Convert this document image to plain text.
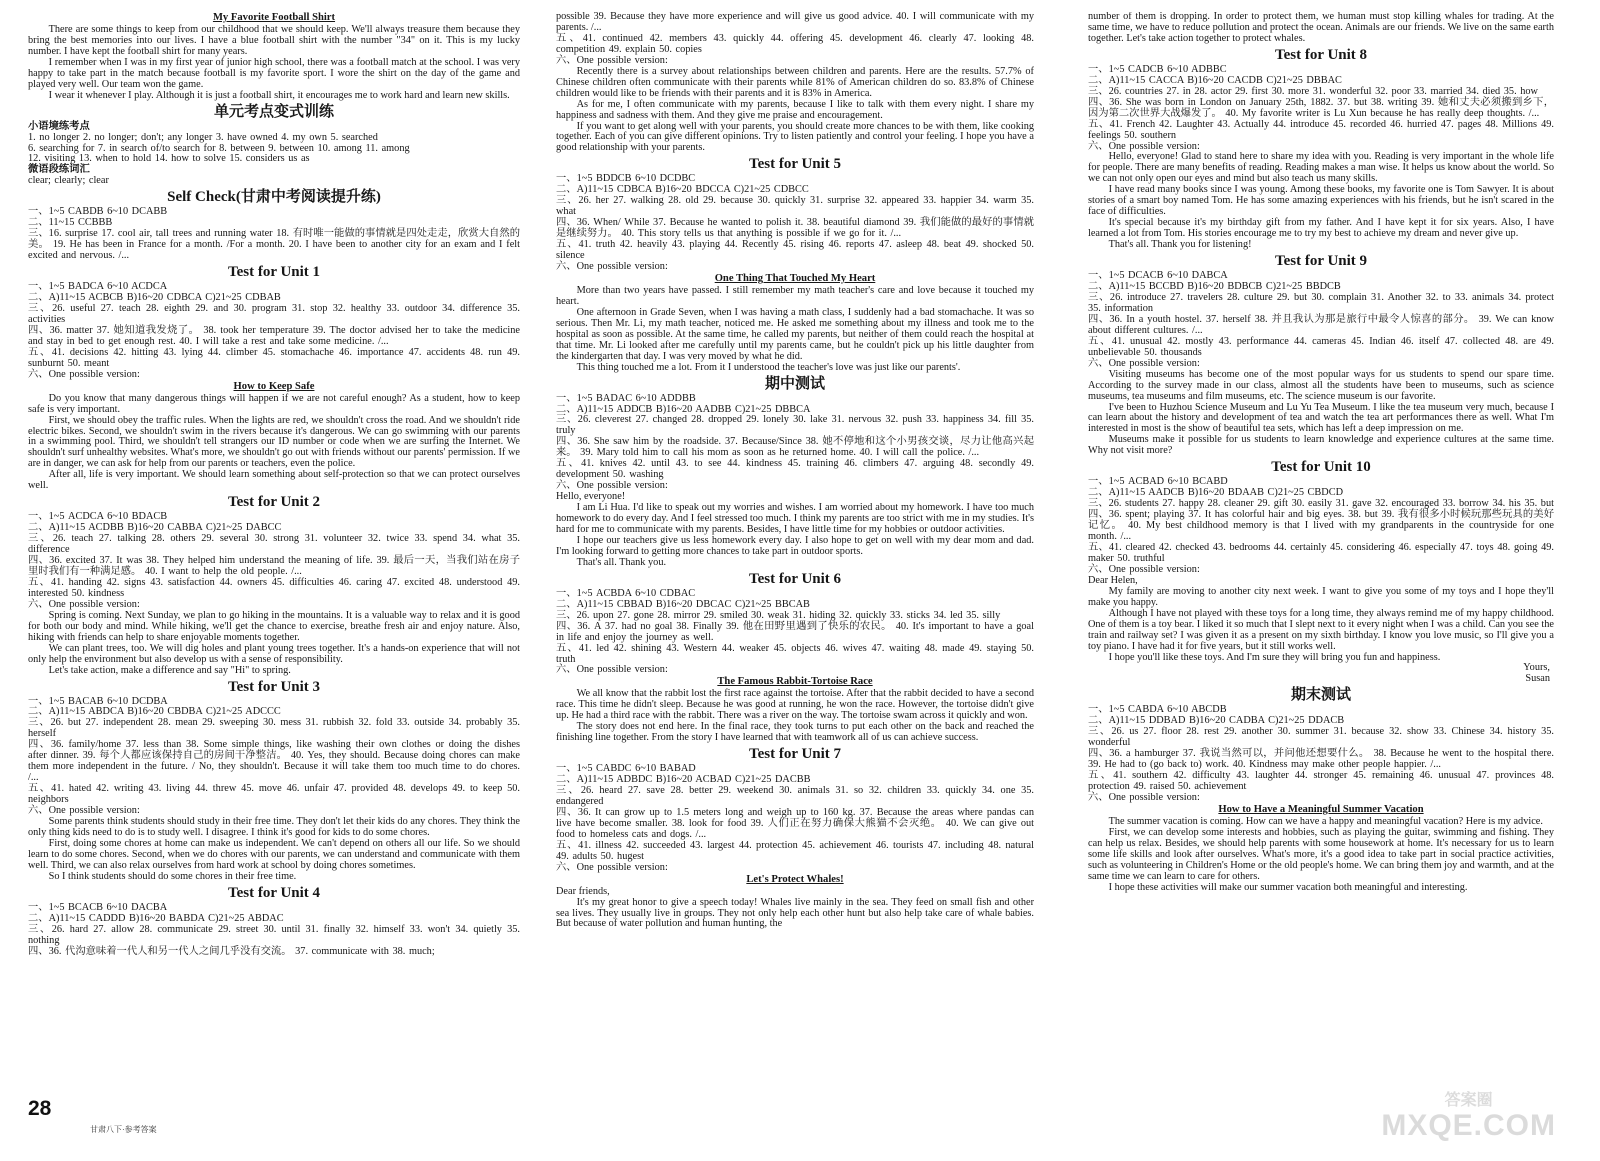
My Favorite Football Shirt
There are some things to keep from our childhood that we should keep. We'll always treasure them because they bring the best memories into our lives. I have a blue football shirt with the number "34" on it. This is my lucky number. I have kept the football shirt for many years.
I remember when I was in my first year of junior high school, there was a football match at the school. I was very happy to take part in the match because football is my favorite sport. I wore the shirt on the day of the game and played very well. Our team won the game.
I wear it whenever I play. Although it is just a football shirt, it encourages me to work hard and learn new skills.
单元考点变式训练
小语境练考点
1. no longer 2. no longer; don't; any longer 3. have owned 4. my own 5. searched
6. searching for 7. in search of/to search for 8. between 9. between 10. among 11. among
12. visiting 13. when to hold 14. how to solve 15. considers us as
微语段练词汇
clear; clearly; clear
Self Check(甘肃中考阅读提升练)
一、1~5 CABDB 6~10 DCABB
二、11~15 CCBBB
三、16. surprise 17. cool air, tall trees and running water 18. 有时唯一能做的事情就是四处走走，欣赏大自然的美。 19. He has been in France for a month. /For a month. 20. I have been to another city for an exam and I felt excited and nervous. /...
Test for Unit 1
一、1~5 BADCA 6~10 ACDCA
二、A)11~15 ACBCB B)16~20 CDBCA C)21~25 CDBAB
三、26. useful 27. teach 28. eighth 29. and 30. program 31. stop 32. healthy 33. outdoor 34. difference 35. activities
四、36. matter 37. 她知道我发烧了。 38. took her temperature 39. The doctor advised her to take the medicine and stay in bed to get enough rest. 40. I will take a rest and take some medicine. /...
五、41. decisions 42. hitting 43. lying 44. climber 45. stomachache 46. importance 47. accidents 48. run 49. sunburnt 50. meant
六、One possible version:
How to Keep Safe
Do you know that many dangerous things will happen if we are not careful enough? As a student, how to keep safe is very important.
First, we should obey the traffic rules. When the lights are red, we shouldn't cross the road. And we shouldn't ride electric bikes. Second, we shouldn't swim in the rivers because it's dangerous. We can go swimming with our parents in a swimming pool. Third, we shouldn't tell strangers our ID number or code when we are surfing the Internet. We shouldn't surf unhealthy websites. What's more, we shouldn't go out with friends without our parents' permission. If we are in danger, we can ask for help from our parents or teachers, even the police.
After all, life is very important. We should learn something about self-protection so that we can protect ourselves well.
Test for Unit 2
一、1~5 ACDCA 6~10 BDACB
二、A)11~15 ACDBB B)16~20 CABBA C)21~25 DABCC
三、26. teach 27. talking 28. others 29. several 30. strong 31. volunteer 32. twice 33. spend 34. what 35. difference
四、36. excited 37. It was 38. They helped him understand the meaning of life. 39. 最后一天，当我们站在房子里时我们有一种满足感。 40. I want to help the old people. /...
五、41. handing 42. signs 43. satisfaction 44. owners 45. difficulties 46. caring 47. excited 48. understood 49. interested 50. kindness
六、One possible version:
Spring is coming. Next Sunday, we plan to go hiking in the mountains. It is a valuable way to relax and it is good for both our body and mind. While hiking, we'll get the chance to exercise, breathe fresh air and enjoy nature. Also, hiking with friends can help to share enjoyable moments together.
We can plant trees, too. We will dig holes and plant young trees together. It's a hands-on experience that will not only help the environment but also develop us with a sense of responsibility.
Let's take action, make a difference and say "Hi" to spring.
Test for Unit 3
一、1~5 BACAB 6~10 DCDBA
二、A)11~15 ABDCA B)16~20 CBDBA C)21~25 ADCCC
三、26. but 27. independent 28. mean 29. sweeping 30. mess 31. rubbish 32. fold 33. outside 34. probably 35. herself
四、36. family/home 37. less than 38. Some simple things, like washing their own clothes or doing the dishes after dinner. 39. 每个人都应该保持自己的房间干净整洁。 40. Yes, they should. Because doing chores can make them more independent in the future. / No, they shouldn't. Because it will take them too much time to do chores. /...
五、41. hated 42. writing 43. living 44. threw 45. move 46. unfair 47. provided 48. develops 49. to keep 50. neighbors
六、One possible version:
Some parents think students should study in their free time. They don't let their kids do any chores. They think the only thing kids need to do is to study well. I disagree. I think it's good for kids to do some chores.
First, doing some chores at home can make us independent. We can't depend on others all our life. So we should learn to do some chores. Second, when we do chores with our parents, we can understand and communicate with them well. Third, we can also relax ourselves from hard work at school by doing chores sometimes.
So I think students should do some chores in their free time.
Test for Unit 4
一、1~5 BCACB 6~10 DACBA
二、A)11~15 CADDD B)16~20 BABDA C)21~25 ABDAC
三、26. hard 27. allow 28. communicate 29. street 30. until 31. finally 32. himself 33. won't 34. quietly 35. nothing
四、36. 代沟意味着一代人和另一代人之间几乎没有交流。 37. communicate with 38. much;
possible 39. Because they have more experience and will give us good advice. 40. I will communicate with my parents. /...
五、41. continued 42. members 43. quickly 44. offering 45. development 46. clearly 47. looking 48. competition 49. explain 50. copies
六、One possible version:
Recently there is a survey about relationships between children and parents. Here are the results. 57.7% of Chinese children often communicate with their parents while 81% of American children do so. 83.8% of Chinese children would like to be friends with their parents and it is 83% in America.
As for me, I often communicate with my parents, because I like to talk with them every night. I share my happiness and sadness with them. And they give me praise and encouragement.
If you want to get along well with your parents, you should create more chances to be with them, like cooking together. Each of you can give different opinions. Try to listen patiently and control your feeling. I hope you have a good relationship with your parents.
Test for Unit 5
一、1~5 BDDCB 6~10 DCDBC
二、A)11~15 CDBCA B)16~20 BDCCA C)21~25 CDBCC
三、26. her 27. walking 28. old 29. because 30. quickly 31. surprise 32. appeared 33. happier 34. warm 35. what
四、36. When/ While 37. Because he wanted to polish it. 38. beautiful diamond 39. 我们能做的最好的事情就是继续努力。 40. This story tells us that anything is possible if we go for it. /...
五、41. truth 42. heavily 43. playing 44. Recently 45. rising 46. reports 47. asleep 48. beat 49. shocked 50. silence
六、One possible version:
One Thing That Touched My Heart
More than two years have passed. I still remember my math teacher's care and love because it touched my heart.
One afternoon in Grade Seven, when I was having a math class, I suddenly had a bad stomachache. It was so serious. Then Mr. Li, my math teacher, noticed me. He asked me something about my illness and took me to the hospital as soon as possible. At the same time, he called my parents, but neither of them could reach the hospital at that time. Mr. Li looked after me carefully until my parents came, but he couldn't pick up his little daughter from the kindergarten that day. I was very moved by what he did.
This thing touched me a lot. From it I understood the teacher's love was just like our parents'.
期中测试
一、1~5 BADAC 6~10 ADDBB
二、A)11~15 ADDCB B)16~20 AADBB C)21~25 DBBCA
三、26. cleverest 27. changed 28. dropped 29. lonely 30. lake 31. nervous 32. push 33. happiness 34. fill 35. truly
四、36. She saw him by the roadside. 37. Because/Since 38. 她不停地和这个小男孩交谈，尽力让他高兴起来。 39. Mary told him to call his mom as soon as he returned home. 40. I will call the police. /...
五、41. knives 42. until 43. to see 44. kindness 45. training 46. climbers 47. arguing 48. secondly 49. development 50. washing
六、One possible version:
Hello, everyone!
I am Li Hua. I'd like to speak out my worries and wishes. I am worried about my homework. I have too much homework to do every day. And I feel stressed too much. I think my parents are too strict with me in my studies. It's hard for me to communicate with my parents. Besides, I have little time for my hobbies or outdoor activities.
I hope our teachers give us less homework every day. I also hope to get on well with my dear mom and dad. I'm looking forward to getting more chances to take part in outdoor sports.
That's all. Thank you.
Test for Unit 6
一、1~5 ACBDA 6~10 CDBAC
二、A)11~15 CBBAD B)16~20 DBCAC C)21~25 BBCAB
三、26. upon 27. gone 28. mirror 29. smiled 30. weak 31. hiding 32. quickly 33. sticks 34. led 35. silly
四、36. A 37. had no goal 38. Finally 39. 他在田野里遇到了快乐的农民。 40. It's important to have a goal in life and enjoy the journey as well.
五、41. led 42. shining 43. Western 44. weaker 45. objects 46. wives 47. waiting 48. made 49. staying 50. truth
六、One possible version:
The Famous Rabbit-Tortoise Race
We all know that the rabbit lost the first race against the tortoise. After that the rabbit decided to have a second race. This time he didn't sleep. Because he was good at running, he won the race. However, the tortoise didn't give up. He had a third race with the rabbit. There was a river on the way. The tortoise swam across it quickly and won.
The story does not end here. In the final race, they took turns to put each other on the back and reached the finishing line together. From the story I have learned that with teamwork all of us can achieve success.
Test for Unit 7
一、1~5 CABDC 6~10 BABAD
二、A)11~15 ADBDC B)16~20 ACBAD C)21~25 DACBB
三、26. heard 27. save 28. better 29. weekend 30. animals 31. so 32. children 33. quickly 34. one 35. endangered
四、36. It can grow up to 1.5 meters long and weigh up to 160 kg. 37. Because the areas where pandas can live have become smaller. 38. look for food 39. 人们正在努力确保大熊猫不会灭绝。 40. We can give out food to homeless cats and dogs. /...
五、41. illness 42. succeeded 43. largest 44. protection 45. achievement 46. tourists 47. including 48. natural 49. adults 50. hugest
六、One possible version:
Let's Protect Whales!
Dear friends,
It's my great honor to give a speech today! Whales live mainly in the sea. They feed on small fish and other sea lives. They usually live in groups. They not only help each other hunt but also help take care of whale babies. But because of water pollution and human hunting, the
number of them is dropping. In order to protect them, we human must stop killing whales for trading. At the same time, we have to reduce pollution and protect the ocean. Animals are our friends. We live on the same earth together. Let's take action together to protect whales.
Test for Unit 8
一、1~5 CADCB 6~10 ADBBC
二、A)11~15 CACCA B)16~20 CACDB C)21~25 DBBAC
三、26. countries 27. in 28. actor 29. first 30. more 31. wonderful 32. poor 33. married 34. died 35. how
四、36. She was born in London on January 25th, 1882. 37. but 38. writing 39. 她和丈夫必须搬到乡下，因为第二次世界大战爆发了。 40. My favorite writer is Lu Xun because he has really deep thoughts. /...
五、41. French 42. Laughter 43. Actually 44. introduce 45. recorded 46. hurried 47. pages 48. Millions 49. feelings 50. southern
六、One possible version:
Hello, everyone! Glad to stand here to share my idea with you. Reading is very important in the whole life for people. There are many benefits of reading. Reading makes a man wise. It helps us know about the world. So we can not only open our eyes and mind but also teach us many skills.
I have read many books since I was young. Among these books, my favorite one is Tom Sawyer. It is about stories of a smart boy named Tom. He has some amazing experiences with his friends, but he isn't scared in the face of difficulties.
It's special because it's my birthday gift from my father. And I have kept it for six years. Also, I have learned a lot from Tom. His stories encourage me to try my best to achieve my dream and never give up.
That's all. Thank you for listening!
Test for Unit 9
一、1~5 DCACB 6~10 DABCA
二、A)11~15 BCCBD B)16~20 BDBCB C)21~25 BBDCB
三、26. introduce 27. travelers 28. culture 29. but 30. complain 31. Another 32. to 33. animals 34. protect 35. information
四、36. In a youth hostel. 37. herself 38. 并且我认为那是旅行中最令人惊喜的部分。 39. We can know about different cultures. /...
五、41. unusual 42. mostly 43. performance 44. cameras 45. Indian 46. itself 47. collected 48. are 49. unbelievable 50. thousands
六、One possible version:
Visiting museums has become one of the most popular ways for us students to spend our spare time. According to the survey made in our class, almost all the students have been to museums, such as science museums, tea museums and film museums, etc. The science museum is our favorite.
I've been to Huzhou Science Museum and Lu Yu Tea Museum. I like the tea museum very much, because I can learn about the history and development of tea and watch the tea art performances there as well. What I'm interested in most is the show of beautiful tea sets, which has left a deep impression on me.
Museums make it possible for us students to learn knowledge and experience cultures at the same time. Why not visit more?
Test for Unit 10
一、1~5 ACBAD 6~10 BCABD
二、A)11~15 AADCB B)16~20 BDAAB C)21~25 CBDCD
三、26. students 27. happy 28. cleaner 29. gift 30. easily 31. gave 32. encouraged 33. borrow 34. his 35. but
四、36. spent; playing 37. It has colorful hair and big eyes. 38. but 39. 我有很多小时候玩那些玩具的美好记忆。 40. My best childhood memory is that I lived with my grandparents in the countryside for one month. /...
五、41. cleared 42. checked 43. bedrooms 44. certainly 45. considering 46. especially 47. toys 48. going 49. maker 50. truthful
六、One possible version:
Dear Helen,
My family are moving to another city next week. I want to give you some of my toys and I hope they'll make you happy.
Although I have not played with these toys for a long time, they always remind me of my happy childhood. One of them is a toy bear. I liked it so much that I slept next to it every night when I was a child. Can you see the train and railway set? I was given it as a present on my sixth birthday. I know you love music, so I'll give you a toy piano. I have had it for five years, but it still works well.
I hope you'll like these toys. And I'm sure they will bring you fun and happiness.
Yours,
Susan
期末测试
一、1~5 CABDA 6~10 ABCDB
二、A)11~15 DDBAD B)16~20 CADBA C)21~25 DDACB
三、26. us 27. floor 28. rest 29. another 30. summer 31. because 32. show 33. Chinese 34. history 35. wonderful
四、36. a hamburger 37. 我说当然可以，并问他还想要什么。 38. Because he went to the hospital there. 39. He had to (go back to) work. 40. Kindness may make other people happier. /...
五、41. southern 42. difficulty 43. laughter 44. stronger 45. remaining 46. unusual 47. provinces 48. protection 49. raised 50. achievement
六、One possible version:
How to Have a Meaningful Summer Vacation
The summer vacation is coming. How can we have a happy and meaningful vacation? Here is my advice.
First, we can develop some interests and hobbies, such as playing the guitar, swimming and fishing. They can help us relax. Besides, we should help parents with some housework at home. It's necessary for us to learn some life skills and look after ourselves. What's more, it's a good idea to take part in social practice activities, such as volunteering in Children's Home or the old people's home. We can bring them joy and warmth, and at the same time we can learn to care for others.
I hope these activities will make our summer vacation both meaningful and interesting.
28
甘肃八下·参考答案
答案圈
MXQE.COM
